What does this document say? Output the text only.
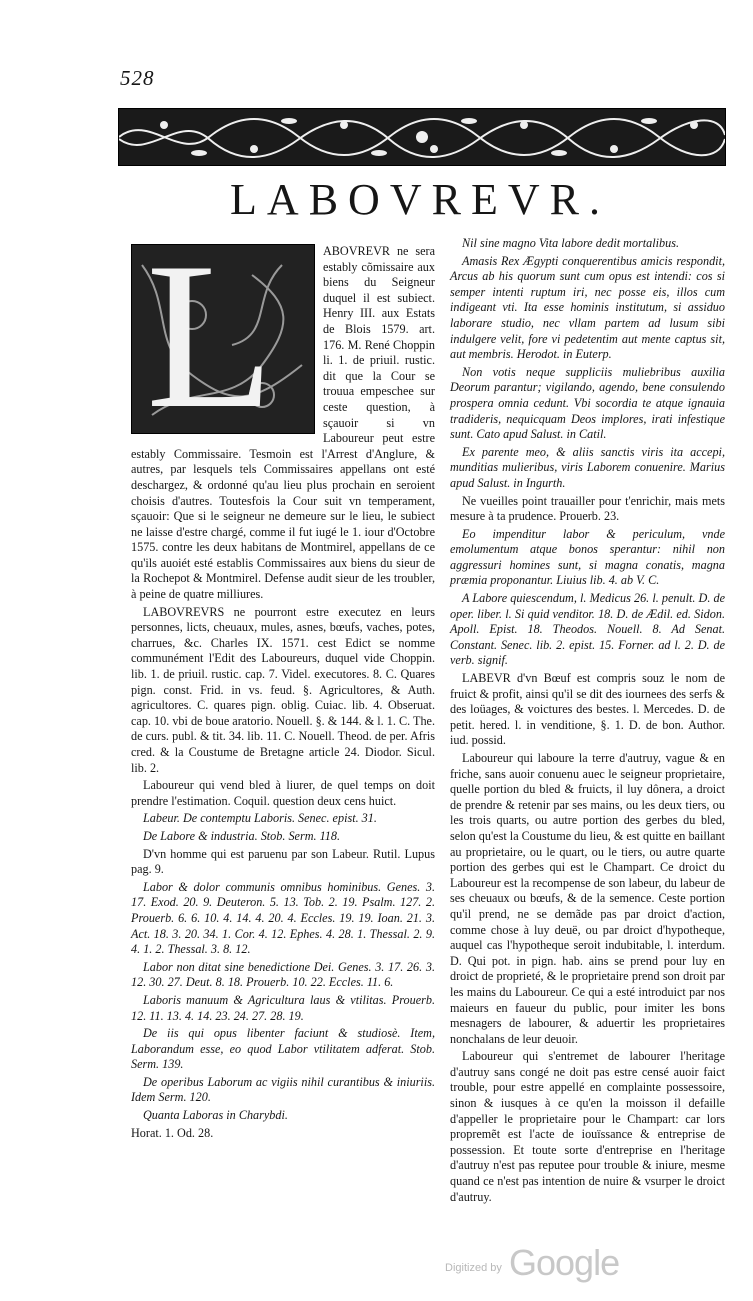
528
LABOVREVR.
L	ABOVREVR ne sera estably cõmissaire aux biens du Seigneur duquel il est subiect. Henry III. aux Estats de Blois 1579. art. 176. M. René Choppin li. 1. de priuil. rustic. dit que la Cour se trouua empeschee sur ceste question, à sçauoir si vn Laboureur peut estre estably Commissaire. Tesmoin est l'Arrest d'Anglure, & autres, par lesquels tels Commissaires appellans ont esté deschargez, & ordonné qu'au lieu plus prochain en seroient choisis d'autres. Toutesfois la Cour suit vn temperament, sçauoir: Que si le seigneur ne demeure sur le lieu, le subiect ne laisse d'estre chargé, comme il fut iugé le 1. iour d'Octobre 1575. contre les deux habitans de Montmirel, appellans de ce qu'ils auoiét esté establis Commissaires aux biens du sieur de la Rochepot & Montmirel. Defense audit sieur de les troubler, à peine de quatre milliures.

LABOVREVRS ne pourront estre executez en leurs personnes, licts, cheuaux, mules, asnes, bœufs, vaches, potes, charrues, &c. Charles IX. 1571. cest Edict se nomme communément l'Edit des Laboureurs, duquel vide Choppin. lib. 1. de priuil. rustic. cap. 7. Videl. executores. 8. C. Quares pign. const. Frid. in vs. feud. §. Agricultores, & Auth. agricultores. C. quares pign. oblig. Cuiac. lib. 4. Obseruat. cap. 10. vbi de boue aratorio. Nouell. §. & 144. & l. 1. C. The. de curs. publ. & tit. 34. lib. 11. C. Nouell. Theod. de per. Afris cred. & la Coustume de Bretagne article 24. Diodor. Sicul. lib. 2.

Laboureur qui vend bled à liurer, de quel temps on doit prendre l'estimation. Coquil. question deux cens huict.

Labeur. De contemptu Laboris. Senec. epist. 31.

De Labore & industria. Stob. Serm. 118.

D'vn homme qui est paruenu par son Labeur. Rutil. Lupus pag. 9.

Labor & dolor communis omnibus hominibus. Genes. 3. 17. Exod. 20. 9. Deuteron. 5. 13. Tob. 2. 19. Psalm. 127. 2. Prouerb. 6. 6. 10. 4. 14. 4. 20. 4. Eccles. 19. 19. Ioan. 21. 3. Act. 18. 3. 20. 34. 1. Cor. 4. 12. Ephes. 4. 28. 1. Thessal. 2. 9. 4. 1. 2. Thessal. 3. 8. 12.

Labor non ditat sine benedictione Dei. Genes. 3. 17. 26. 3. 12. 30. 27. Deut. 8. 18. Prouerb. 10. 22. Eccles. 11. 6.

Laboris manuum & Agricultura laus & vtilitas. Prouerb. 12. 11. 13. 4. 14. 23. 24. 27. 28. 19.

De iis qui opus libenter faciunt & studiosè. Item, Laborandum esse, eo quod Labor vtilitatem adferat. Stob. Serm. 139.

De operibus Laborum ac vigiis nihil curantibus & iniuriis. Idem Serm. 120.

Quanta Laboras in Charybdi.

Horat. 1. Od. 28.

Nil sine magno Vita labore dedit mortalibus.

Amasis Rex Ægypti conquerentibus amicis respondit, Arcus ab his quorum sunt cum opus est intendi: cos si semper intenti ruptum iri, nec posse eis, illos cum indigeant vti. Ita esse hominis institutum, si assiduo laborare studio, nec vllam partem ad lusum sibi indulgere velit, fore vi pedetentim aut mente captus sit, aut membris. Herodot. in Euterp.

Non votis neque suppliciis muliebribus auxilia Deorum parantur; vigilando, agendo, bene consulendo prospera omnia cedunt. Vbi socordia te atque ignauia tradideris, nequicquam Deos implores, irati infestique sunt. Cato apud Salust. in Catil.

Ex parente meo, & aliis sanctis viris ita accepi, munditias mulieribus, viris Laborem conuenire. Marius apud Salust. in Ingurth.

Ne vueilles point trauailler pour t'enrichir, mais mets mesure à ta prudence. Prouerb. 23.

Eo impenditur labor & periculum, vnde emolumentum atque bonos sperantur: nihil non aggressuri homines sunt, si magna conatis, magna præmia proponantur. Liuius lib. 4. ab V. C.

A Labore quiescendum, l. Medicus 26. l. penult. D. de oper. liber. l. Si quid venditor. 18. D. de Ædil. ed. Sidon. Apoll. Epist. 18. Theodos. Nouell. 8. Ad Senat. Constant. Senec. lib. 2. epist. 15. Forner. ad l. 2. D. de verb. signif.

LABEVR d'vn Bœuf est compris souz le nom de fruict & profit, ainsi qu'il se dit des iournees des serfs & des loüages, & voictures des bestes. l. Mercedes. D. de petit. hered. l. in venditione, §. 1. D. de bon. Author. iud. possid.

Laboureur qui laboure la terre d'autruy, vague & en friche, sans auoir conuenu auec le seigneur proprietaire, quelle portion du bled & fruicts, il luy dônera, a droict de prendre & retenir par ses mains, ou les deux tiers, ou les trois quarts, ou autre portion des gerbes du bled, selon qu'est la Coustume du lieu, & est quitte en baillant au proprietaire, ou le quart, ou le tiers, ou autre quarte portion des gerbes qui est le Champart. Ce droict du Laboureur est la recompense de son labeur, du labeur de ses cheuaux ou bœufs, & de la semence. Ceste portion qu'il prend, ne se demãde pas par droict d'action, comme chose à luy deuë, ou par droict d'hypotheque, auquel cas l'hypotheque seroit indubitable, l. interdum. D. Qui pot. in pign. hab. ains se prend pour luy en droict de proprieté, & le proprietaire prend son droit par les mains du Laboureur. Ce qui a esté introduict par nos maieurs en faueur du public, pour imiter les bons mesnagers de labourer, & aduertir les proprietaires nonchalans de leur deuoir.

Laboureur qui s'entremet de labourer l'heritage d'autruy sans congé ne doit pas estre censé auoir faict trouble, pour estre appellé en complainte possessoire, sinon & iusques à ce qu'en la moisson il defaille d'appeller le proprietaire pour le Champart: car lors propremẽt est l'acte de iouïssance & entreprise de possession. Et toute sorte d'entreprise en l'heritage d'autruy n'est pas reputee pour trouble & iniure, mesme quand ce n'est pas intention de nuire & vsurper le droict d'autruy.

Digitized by Google
